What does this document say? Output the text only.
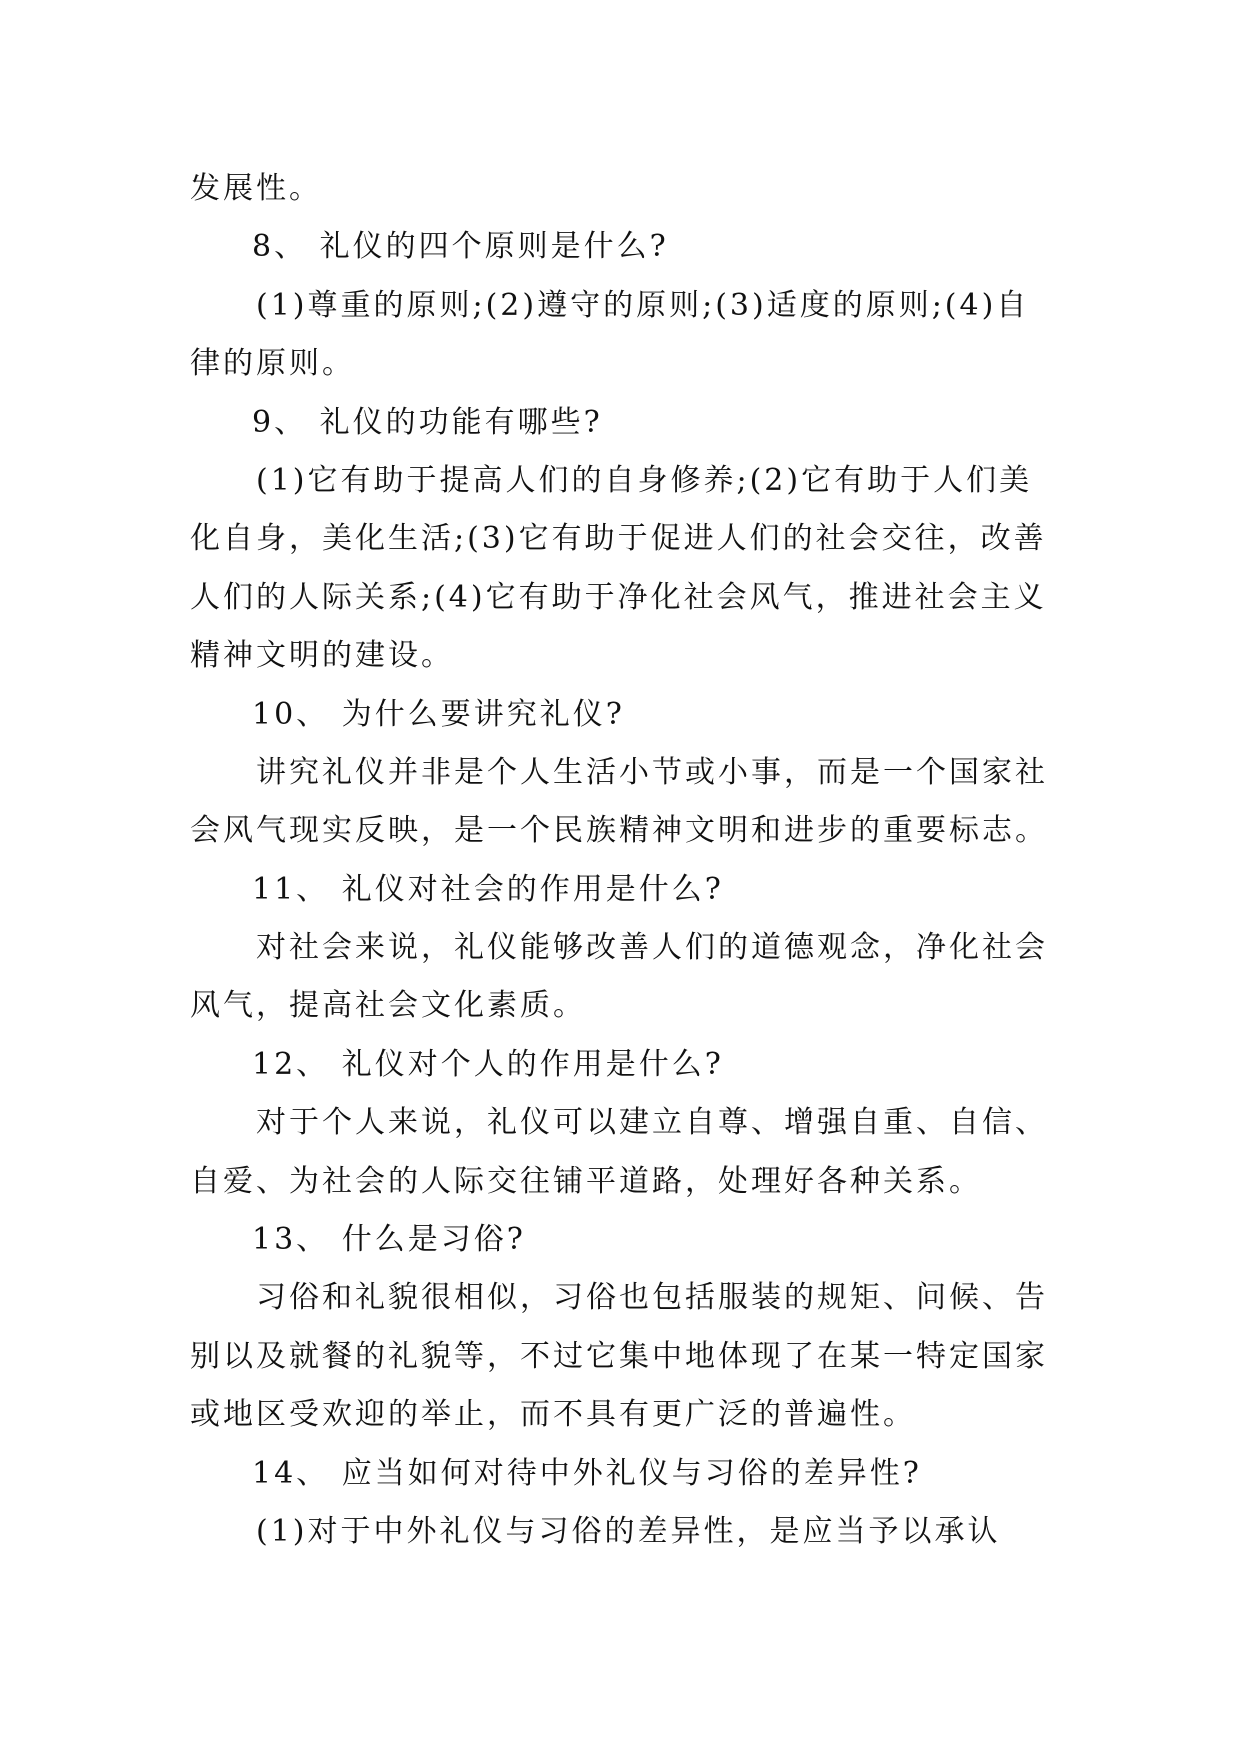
发展性。
8、 礼仪的四个原则是什么?
(1)尊重的原则;(2)遵守的原则;(3)适度的原则;(4)自
律的原则。
9、 礼仪的功能有哪些?
(1)它有助于提高人们的自身修养;(2)它有助于人们美
化自身，美化生活;(3)它有助于促进人们的社会交往，改善
人们的人际关系;(4)它有助于净化社会风气，推进社会主义
精神文明的建设。
10、 为什么要讲究礼仪?
讲究礼仪并非是个人生活小节或小事，而是一个国家社
会风气现实反映，是一个民族精神文明和进步的重要标志。
11、 礼仪对社会的作用是什么?
对社会来说，礼仪能够改善人们的道德观念，净化社会
风气，提高社会文化素质。
12、 礼仪对个人的作用是什么?
对于个人来说，礼仪可以建立自尊、增强自重、自信、
自爱、为社会的人际交往铺平道路，处理好各种关系。
13、 什么是习俗?
习俗和礼貌很相似，习俗也包括服装的规矩、问候、告
别以及就餐的礼貌等，不过它集中地体现了在某一特定国家
或地区受欢迎的举止，而不具有更广泛的普遍性。
14、 应当如何对待中外礼仪与习俗的差异性?
(1)对于中外礼仪与习俗的差异性，是应当予以承认
